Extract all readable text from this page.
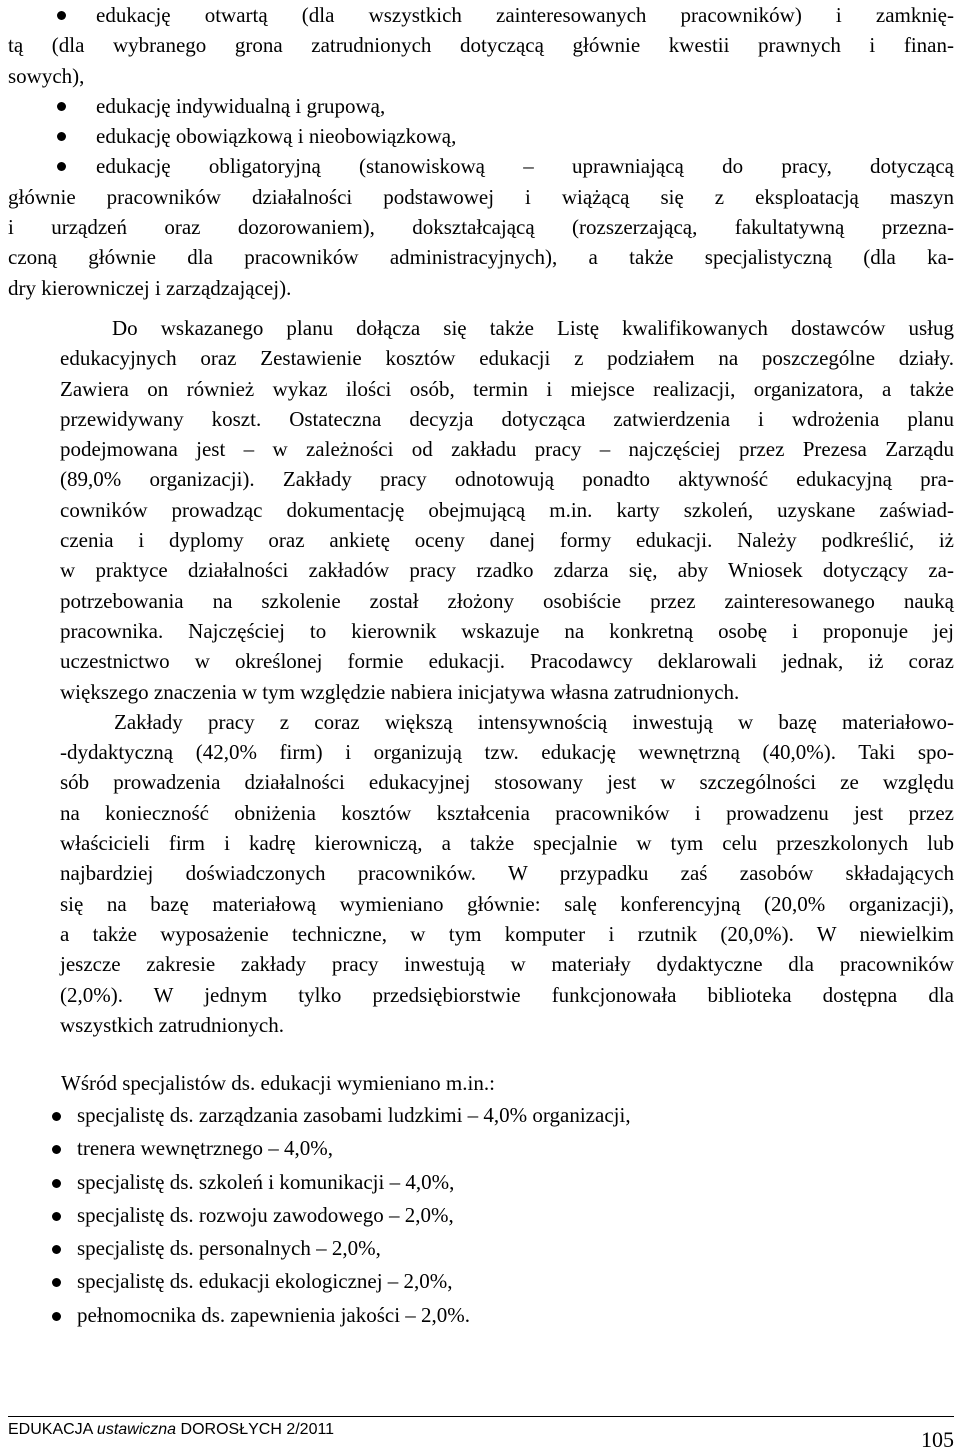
edukację otwartą (dla wszystkich zainteresowanych pracowników) i zamknię-
tą (dla wybranego grona zatrudnionych dotyczącą głównie kwestii prawnych i finan-
sowych),
edukację indywidualną i grupową,
edukację obowiązkową i nieobowiązkową,
edukację obligatoryjną (stanowiskową – uprawniającą do pracy, dotyczącą
głównie pracowników działalności podstawowej i wiążącą się z eksploatacją maszyn
i urządzeń oraz dozorowaniem), dokształcającą (rozszerzającą, fakultatywną przezna-
czoną głównie dla pracowników administracyjnych), a także specjalistyczną (dla ka-
dry kierowniczej i zarządzającej).
Do wskazanego planu dołącza się także Listę kwalifikowanych dostawców usług
edukacyjnych oraz Zestawienie kosztów edukacji z podziałem na poszczególne działy.
Zawiera on również wykaz ilości osób, termin i miejsce realizacji, organizatora, a także
przewidywany koszt. Ostateczna decyzja dotycząca zatwierdzenia i wdrożenia planu
podejmowana jest – w zależności od zakładu pracy – najczęściej przez Prezesa Zarządu
(89,0% organizacji). Zakłady pracy odnotowują ponadto aktywność edukacyjną pra-
cowników prowadząc dokumentację obejmującą m.in. karty szkoleń, uzyskane zaświad-
czenia i dyplomy oraz ankietę oceny danej formy edukacji. Należy podkreślić, iż
w praktyce działalności zakładów pracy rzadko zdarza się, aby Wniosek dotyczący za-
potrzebowania na szkolenie został złożony osobiście przez zainteresowanego nauką
pracownika. Najczęściej to kierownik wskazuje na konkretną osobę i proponuje jej
uczestnictwo w określonej formie edukacji. Pracodawcy deklarowali jednak, iż coraz
większego znaczenia w tym względzie nabiera inicjatywa własna zatrudnionych.
Zakłady pracy z coraz większą intensywnością inwestują w bazę materiałowo-
-dydaktyczną (42,0% firm) i organizują tzw. edukację wewnętrzną (40,0%). Taki spo-
sób prowadzenia działalności edukacyjnej stosowany jest w szczególności ze względu
na konieczność obniżenia kosztów kształcenia pracowników i prowadzenu jest przez
właścicieli firm i kadrę kierowniczą, a także specjalnie w tym celu przeszkolonych lub
najbardziej doświadczonych pracowników. W przypadku zaś zasobów składających
się na bazę materiałową wymieniano głównie: salę konferencyjną (20,0% organizacji),
a także wyposażenie techniczne, w tym komputer i rzutnik (20,0%). W niewielkim
jeszcze zakresie zakłady pracy inwestują w materiały dydaktyczne dla pracowników
(2,0%). W jednym tylko przedsiębiorstwie funkcjonowała biblioteka dostępna dla
wszystkich zatrudnionych.
Wśród specjalistów ds. edukacji wymieniano m.in.:
specjalistę ds. zarządzania zasobami ludzkimi – 4,0% organizacji,
trenera wewnętrznego – 4,0%,
specjalistę ds. szkoleń i komunikacji – 4,0%,
specjalistę ds. rozwoju zawodowego – 2,0%,
specjalistę ds. personalnych – 2,0%,
specjalistę ds. edukacji ekologicznej – 2,0%,
pełnomocnika ds. zapewnienia jakości – 2,0%.
EDUKACJA ustawiczna DOROSŁYCH 2/2011	105
